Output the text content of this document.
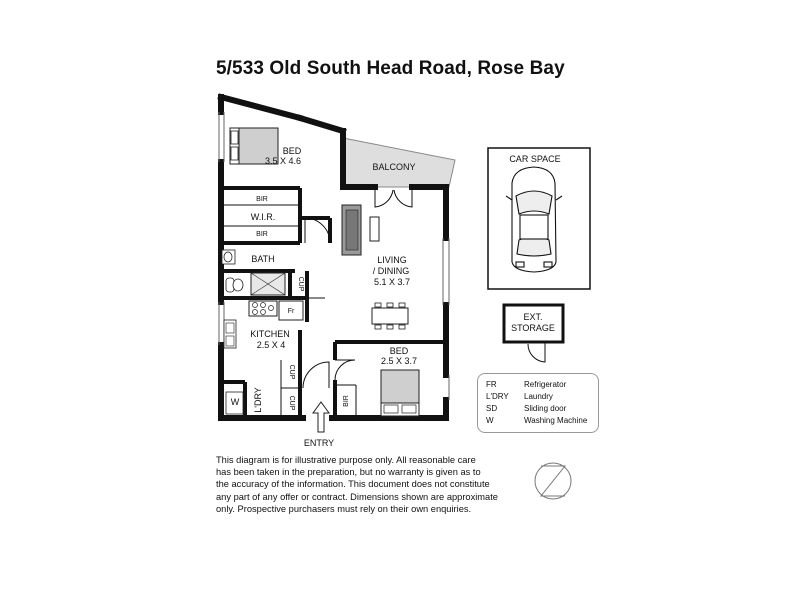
5/533 Old South Head Road, Rose Bay
BED
3.5 X 4.6
BALCONY
BIR
W.I.R.
BIR
BATH	LIVING
/ DINING
5.1 X 3.7
Fr
CUP
KITCHEN
2.5 X 4
CUP
CUP
W L'DRY
BED
2.5 X 3.7
BIR
ENTRY
CAR SPACE
EXT.
STORAGE
FR	Refrigerator
L'DRY Laundry
SD	Sliding door
W	Washing Machine
This diagram is for illustrative purpose only. All reasonable care
has been taken in the preparation, but no warranty is given as to
the accuracy of the information. This document does not constitute
any part of any offer or contract. Dimensions shown are approximate
only. Prospective purchasers must rely on their own enquiries.
